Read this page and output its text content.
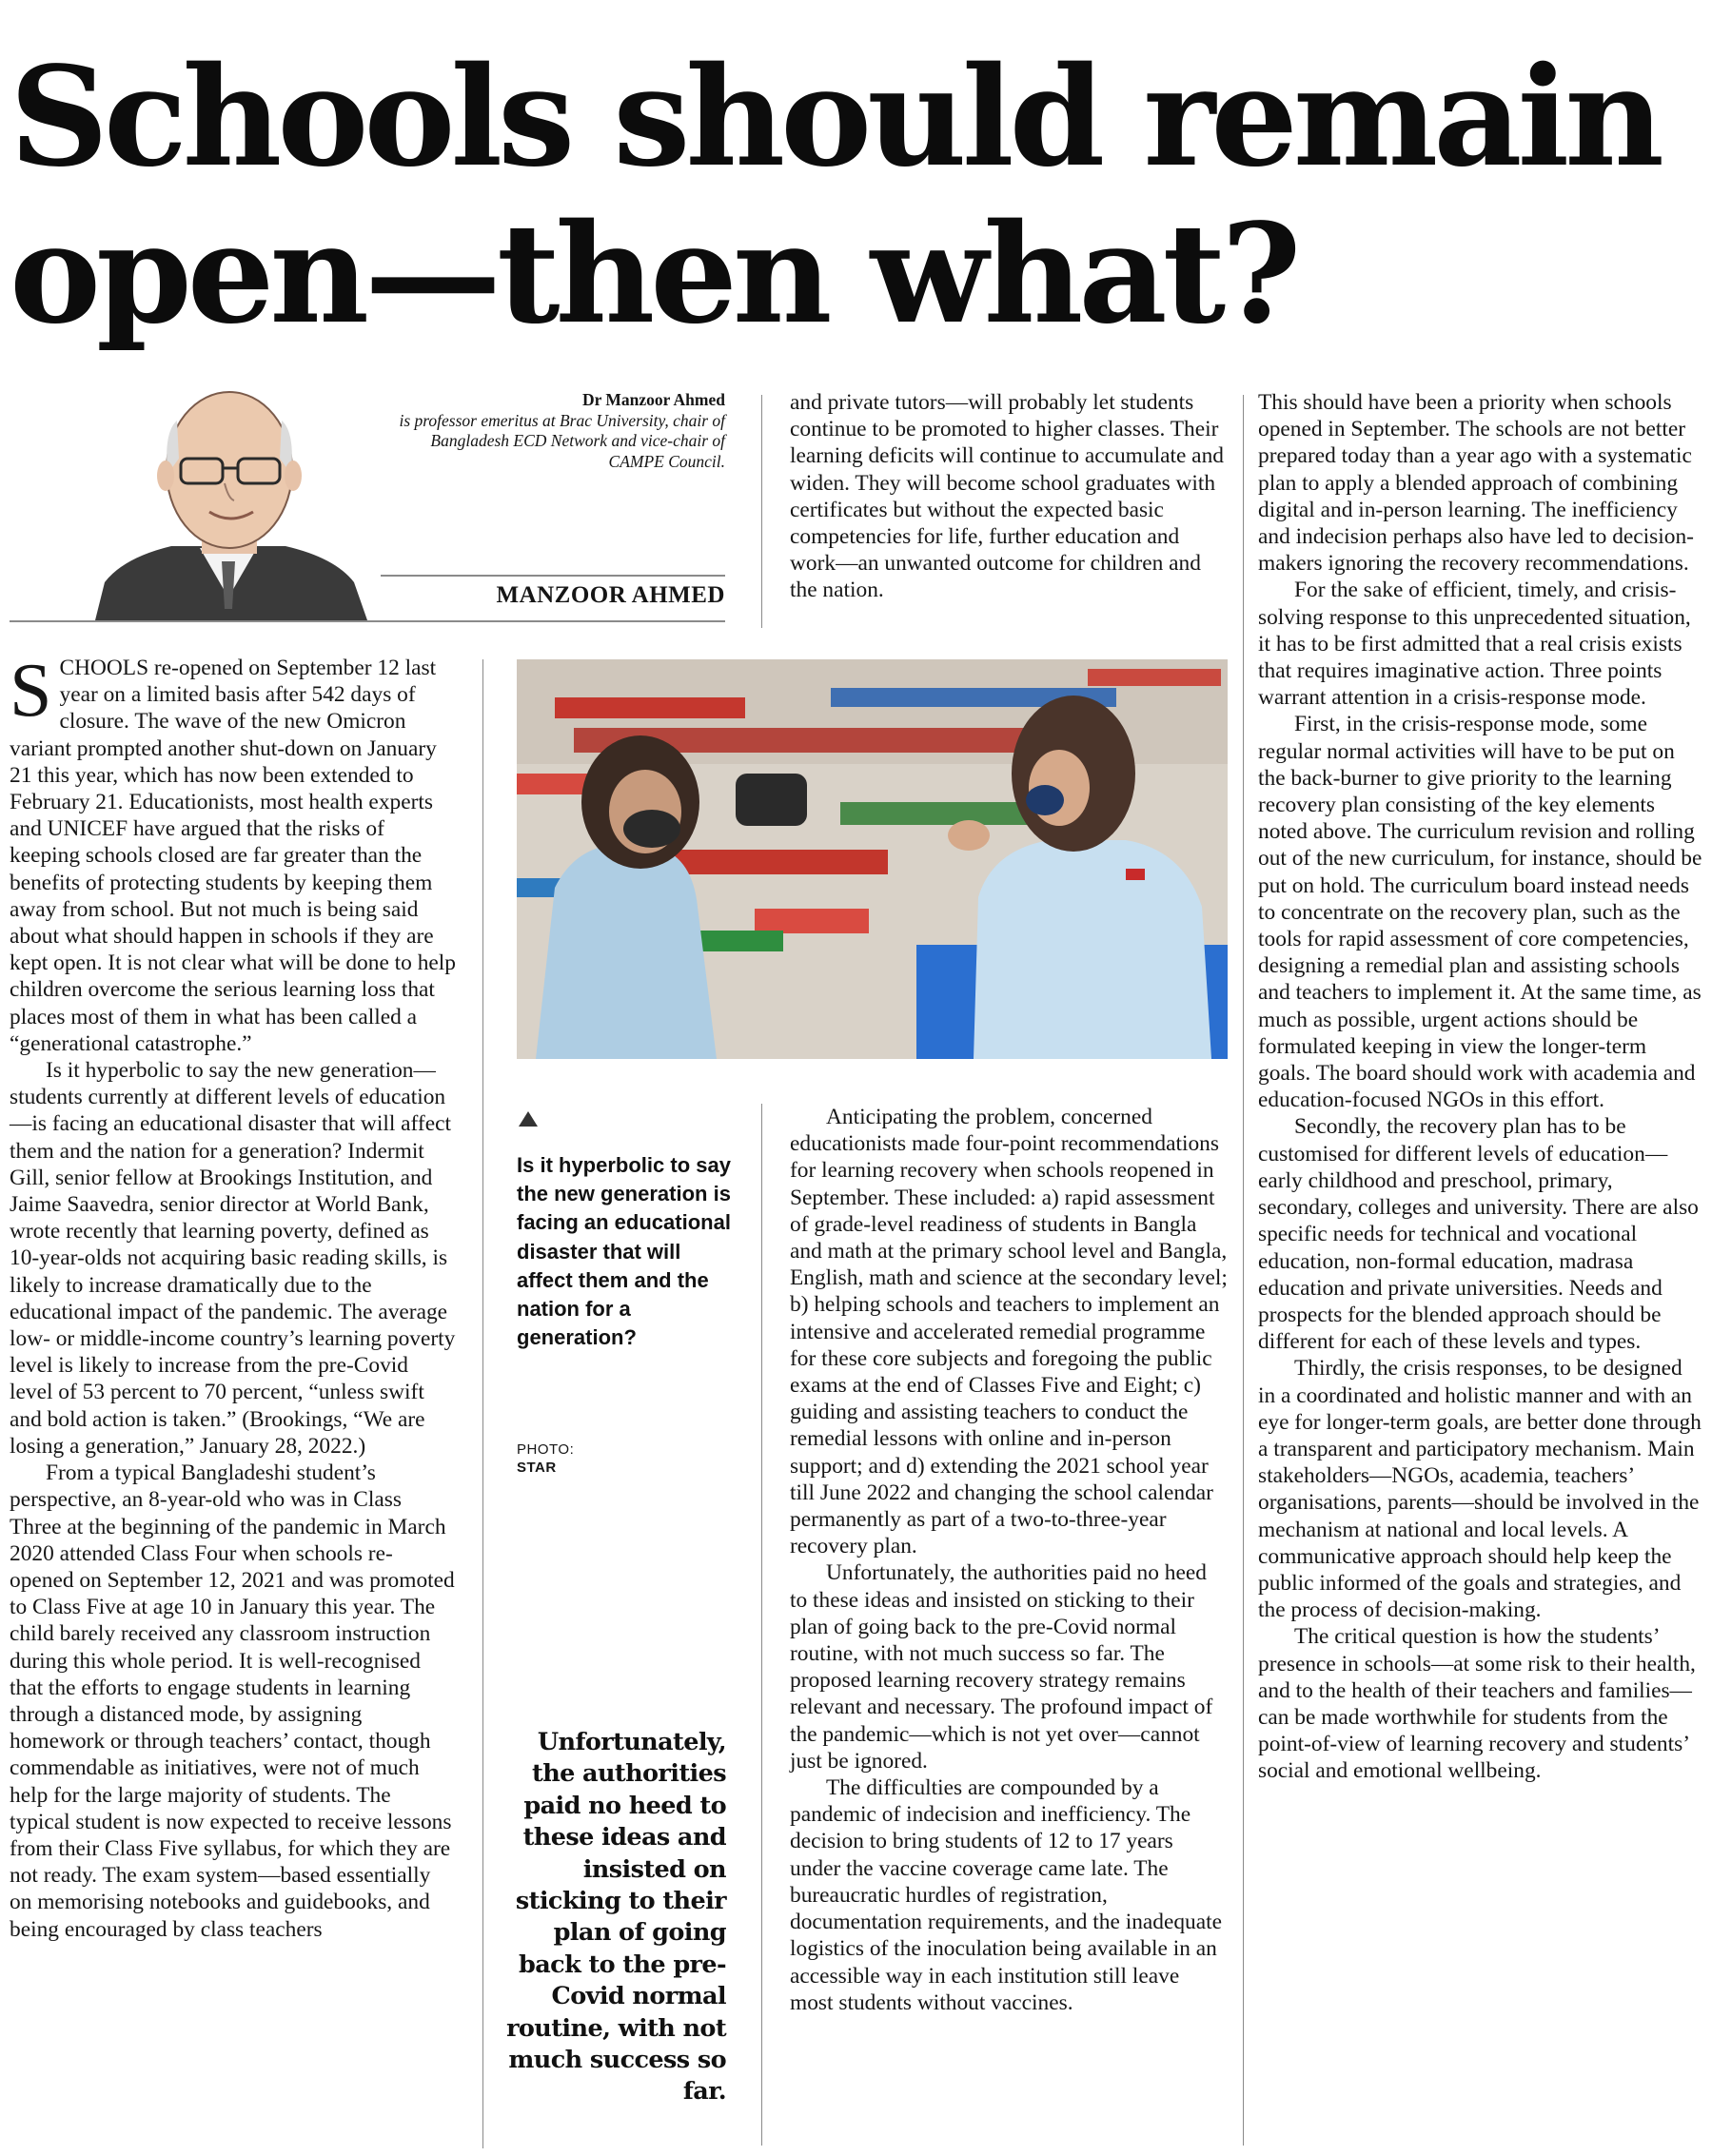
Schools should remain
open—then what?
Dr Manzoor Ahmed
is professor emeritus at Brac University, chair of Bangladesh ECD Network and vice-chair of CAMPE Council.
MANZOOR AHMED

SCHOOLS re-opened on September 12 last year on a limited basis after 542 days of closure. The wave of the new Omicron variant prompted another shut-down on January 21 this year, which has now been extended to February 21. Educationists, most health experts and UNICEF have argued that the risks of keeping schools closed are far greater than the benefits of protecting students by keeping them away from school. But not much is being said about what should happen in schools if they are kept open. It is not clear what will be done to help children overcome the serious learning loss that places most of them in what has been called a “generational catastrophe.”

Is it hyperbolic to say the new generation—students currently at different levels of education—is facing an educational disaster that will affect them and the nation for a generation? Indermit Gill, senior fellow at Brookings Institution, and Jaime Saavedra, senior director at World Bank, wrote recently that learning poverty, defined as 10-year-olds not acquiring basic reading skills, is likely to increase dramatically due to the educational impact of the pandemic. The average low- or middle-income country’s learning poverty level is likely to increase from the pre-Covid level of 53 percent to 70 percent, “unless swift and bold action is taken.” (Brookings, “We are losing a generation,” January 28, 2022.)

From a typical Bangladeshi student’s perspective, an 8-year-old who was in Class Three at the beginning of the pandemic in March 2020 attended Class Four when schools re-opened on September 12, 2021 and was promoted to Class Five at age 10 in January this year. The child barely received any classroom instruction during this whole period. It is well-recognised that the efforts to engage students in learning through a distanced mode, by assigning homework or through teachers’ contact, though commendable as initiatives, were not of much help for the large majority of students. The typical student is now expected to receive lessons from their Class Five syllabus, for which they are not ready. The exam system—based essentially on memorising notebooks and guidebooks, and being encouraged by class teachers

and private tutors—will probably let students continue to be promoted to higher classes. Their learning deficits will continue to accumulate and widen. They will become school graduates with certificates but without the expected basic competencies for life, further education and work—an unwanted outcome for children and the nation.

Is it hyperbolic to say the new generation is facing an educational disaster that will affect them and the nation for a generation?
PHOTO:
STAR
Unfortunately, the authorities paid no heed to these ideas and insisted on sticking to their plan of going back to the pre-Covid normal routine, with not much success so far.

Anticipating the problem, concerned educationists made four-point recommendations for learning recovery when schools reopened in September. These included: a) rapid assessment of grade-level readiness of students in Bangla and math at the primary school level and Bangla, English, math and science at the secondary level; b) helping schools and teachers to implement an intensive and accelerated remedial programme for these core subjects and foregoing the public exams at the end of Classes Five and Eight; c) guiding and assisting teachers to conduct the remedial lessons with online and in-person support; and d) extending the 2021 school year till June 2022 and changing the school calendar permanently as part of a two-to-three-year recovery plan.

Unfortunately, the authorities paid no heed to these ideas and insisted on sticking to their plan of going back to the pre-Covid normal routine, with not much success so far. The proposed learning recovery strategy remains relevant and necessary. The profound impact of the pandemic—which is not yet over—cannot just be ignored.

The difficulties are compounded by a pandemic of indecision and inefficiency. The decision to bring students of 12 to 17 years under the vaccine coverage came late. The bureaucratic hurdles of registration, documentation requirements, and the inadequate logistics of the inoculation being available in an accessible way in each institution still leave most students without vaccines.

This should have been a priority when schools opened in September. The schools are not better prepared today than a year ago with a systematic plan to apply a blended approach of combining digital and in-person learning. The inefficiency and indecision perhaps also have led to decision-makers ignoring the recovery recommendations.

For the sake of efficient, timely, and crisis-solving response to this unprecedented situation, it has to be first admitted that a real crisis exists that requires imaginative action. Three points warrant attention in a crisis-response mode.

First, in the crisis-response mode, some regular normal activities will have to be put on the back-burner to give priority to the learning recovery plan consisting of the key elements noted above. The curriculum revision and rolling out of the new curriculum, for instance, should be put on hold. The curriculum board instead needs to concentrate on the recovery plan, such as the tools for rapid assessment of core competencies, designing a remedial plan and assisting schools and teachers to implement it. At the same time, as much as possible, urgent actions should be formulated keeping in view the longer-term goals. The board should work with academia and education-focused NGOs in this effort.

Secondly, the recovery plan has to be customised for different levels of education—early childhood and preschool, primary, secondary, colleges and university. There are also specific needs for technical and vocational education, non-formal education, madrasa education and private universities. Needs and prospects for the blended approach should be different for each of these levels and types.

Thirdly, the crisis responses, to be designed in a coordinated and holistic manner and with an eye for longer-term goals, are better done through a transparent and participatory mechanism. Main stakeholders—NGOs, academia, teachers’ organisations, parents—should be involved in the mechanism at national and local levels. A communicative approach should help keep the public informed of the goals and strategies, and the process of decision-making.

The critical question is how the students’ presence in schools—at some risk to their health, and to the health of their teachers and families—can be made worthwhile for students from the point-of-view of learning recovery and students’ social and emotional wellbeing.
